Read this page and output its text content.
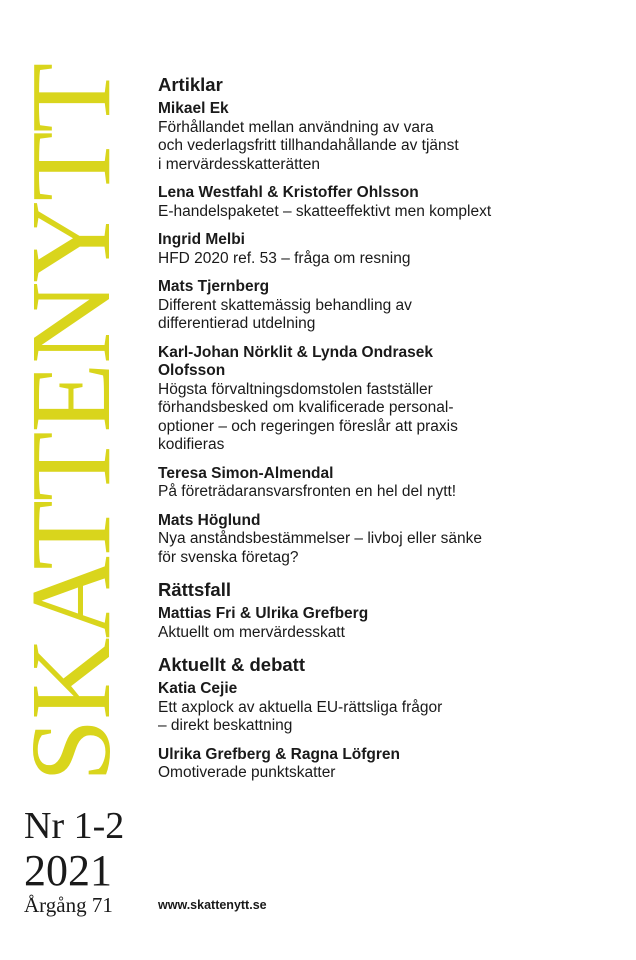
SKATTENYTT
Nr 1-2
2021
Årgång 71
Artiklar
Mikael Ek
Förhållandet mellan användning av vara
och vederlagsfritt tillhandahållande av tjänst
i mervärdesskatterätten
Lena Westfahl & Kristoffer Ohlsson
E-handelspaketet – skatteeffektivt men komplext
Ingrid Melbi
HFD 2020 ref. 53 – fråga om resning
Mats Tjernberg
Different skattemässig behandling av
differentierad utdelning
Karl-Johan Nörklit & Lynda Ondrasek
Olofsson
Högsta förvaltningsdomstolen fastställer
förhandsbesked om kvalificerade personal-
optioner – och regeringen föreslår att praxis
kodifieras
Teresa Simon-Almendal
På företrädaransvarsfronten en hel del nytt!
Mats Höglund
Nya anståndsbestämmelser – livboj eller sänke
för svenska företag?
Rättsfall
Mattias Fri & Ulrika Grefberg
Aktuellt om mervärdesskatt
Aktuellt & debatt
Katia Cejie
Ett axplock av aktuella EU-rättsliga frågor
– direkt beskattning
Ulrika Grefberg & Ragna Löfgren
Omotiverade punktskatter
www.skattenytt.se
